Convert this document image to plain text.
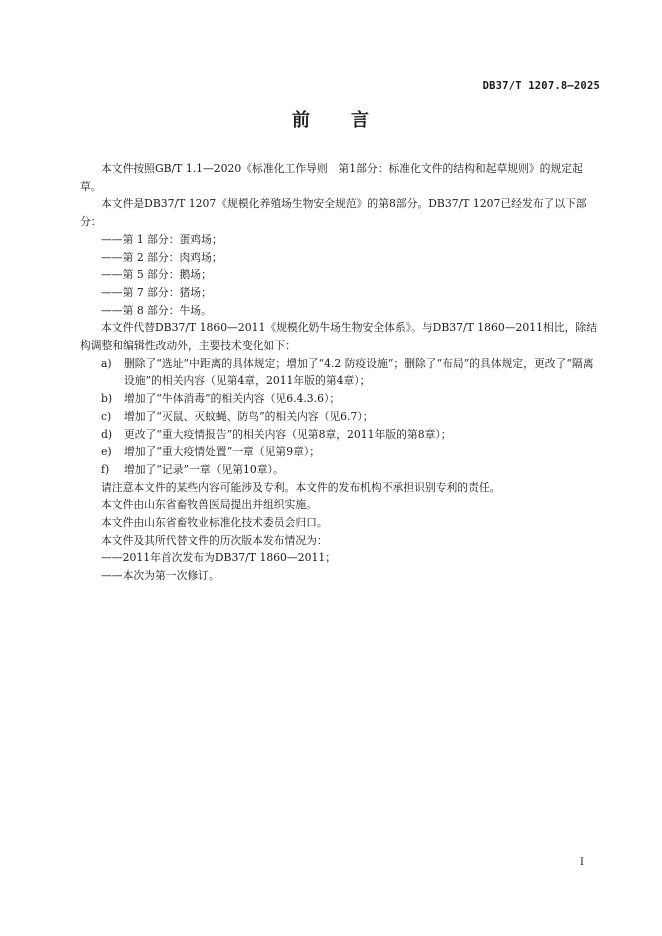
DB37/T 1207.8—2025
前 言

本文件按照GB/T 1.1—2020《标准化工作导则　第1部分：标准化文件的结构和起草规则》的规定起草。

本文件是DB37/T 1207《规模化养殖场生物安全规范》的第8部分。DB37/T 1207已经发布了以下部分：

——第 1 部分：蛋鸡场；

——第 2 部分：肉鸡场；

——第 5 部分：鹅场；

——第 7 部分：猪场；

——第 8 部分：牛场。

本文件代替DB37/T 1860—2011《规模化奶牛场生物安全体系》。与DB37/T 1860—2011相比，除结构调整和编辑性改动外，主要技术变化如下：

a) 删除了“选址”中距离的具体规定；增加了“4.2 防疫设施”；删除了“布局”的具体规定，更改了“隔离设施”的相关内容（见第4章，2011年版的第4章）；
b) 增加了“牛体消毒”的相关内容（见6.4.3.6）；
c) 增加了“灭鼠、灭蚊蝇、防鸟”的相关内容（见6.7）；
d) 更改了“重大疫情报告”的相关内容（见第8章，2011年版的第8章）；
e) 增加了“重大疫情处置”一章（见第9章）；
f) 增加了“记录”一章（见第10章）。

请注意本文件的某些内容可能涉及专利。本文件的发布机构不承担识别专利的责任。

本文件由山东省畜牧兽医局提出并组织实施。

本文件由山东省畜牧业标准化技术委员会归口。

本文件及其所代替文件的历次版本发布情况为：

——2011年首次发布为DB37/T 1860—2011；

——本次为第一次修订。

I
